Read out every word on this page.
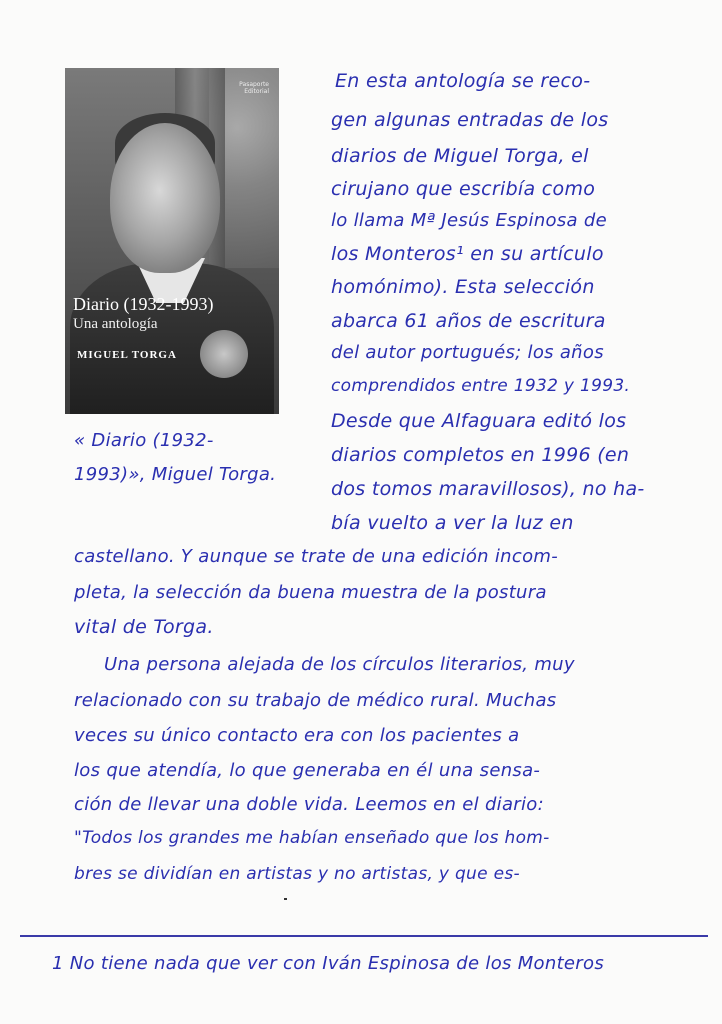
Pasaporte
Editorial
Diario (1932-1993)
Una antología
MIGUEL TORGA
« Diario (1932-
1993)», Miguel Torga.
En esta antología se reco-
gen algunas entradas de los
diarios de Miguel Torga, el
cirujano que escribía como
lo llama Mª Jesús Espinosa de
los Monteros¹ en su artículo
homónimo). Esta selección
abarca 61 años de escritura
del autor portugués; los años
comprendidos entre 1932 y 1993.
Desde que Alfaguara editó los
diarios completos en 1996 (en
dos tomos maravillosos), no ha-
bía vuelto a ver la luz en
castellano. Y aunque se trate de una edición incom-
pleta, la selección da buena muestra de la postura
vital de Torga.
Una persona alejada de los círculos literarios, muy
relacionado con su trabajo de médico rural. Muchas
veces su único contacto era con los pacientes a
los que atendía, lo que generaba en él una sensa-
ción de llevar una doble vida. Leemos en el diario:
"Todos los grandes me habían enseñado que los hom-
bres se dividían en artistas y no artistas, y que es-
1 No tiene nada que ver con Iván Espinosa de los Monteros
